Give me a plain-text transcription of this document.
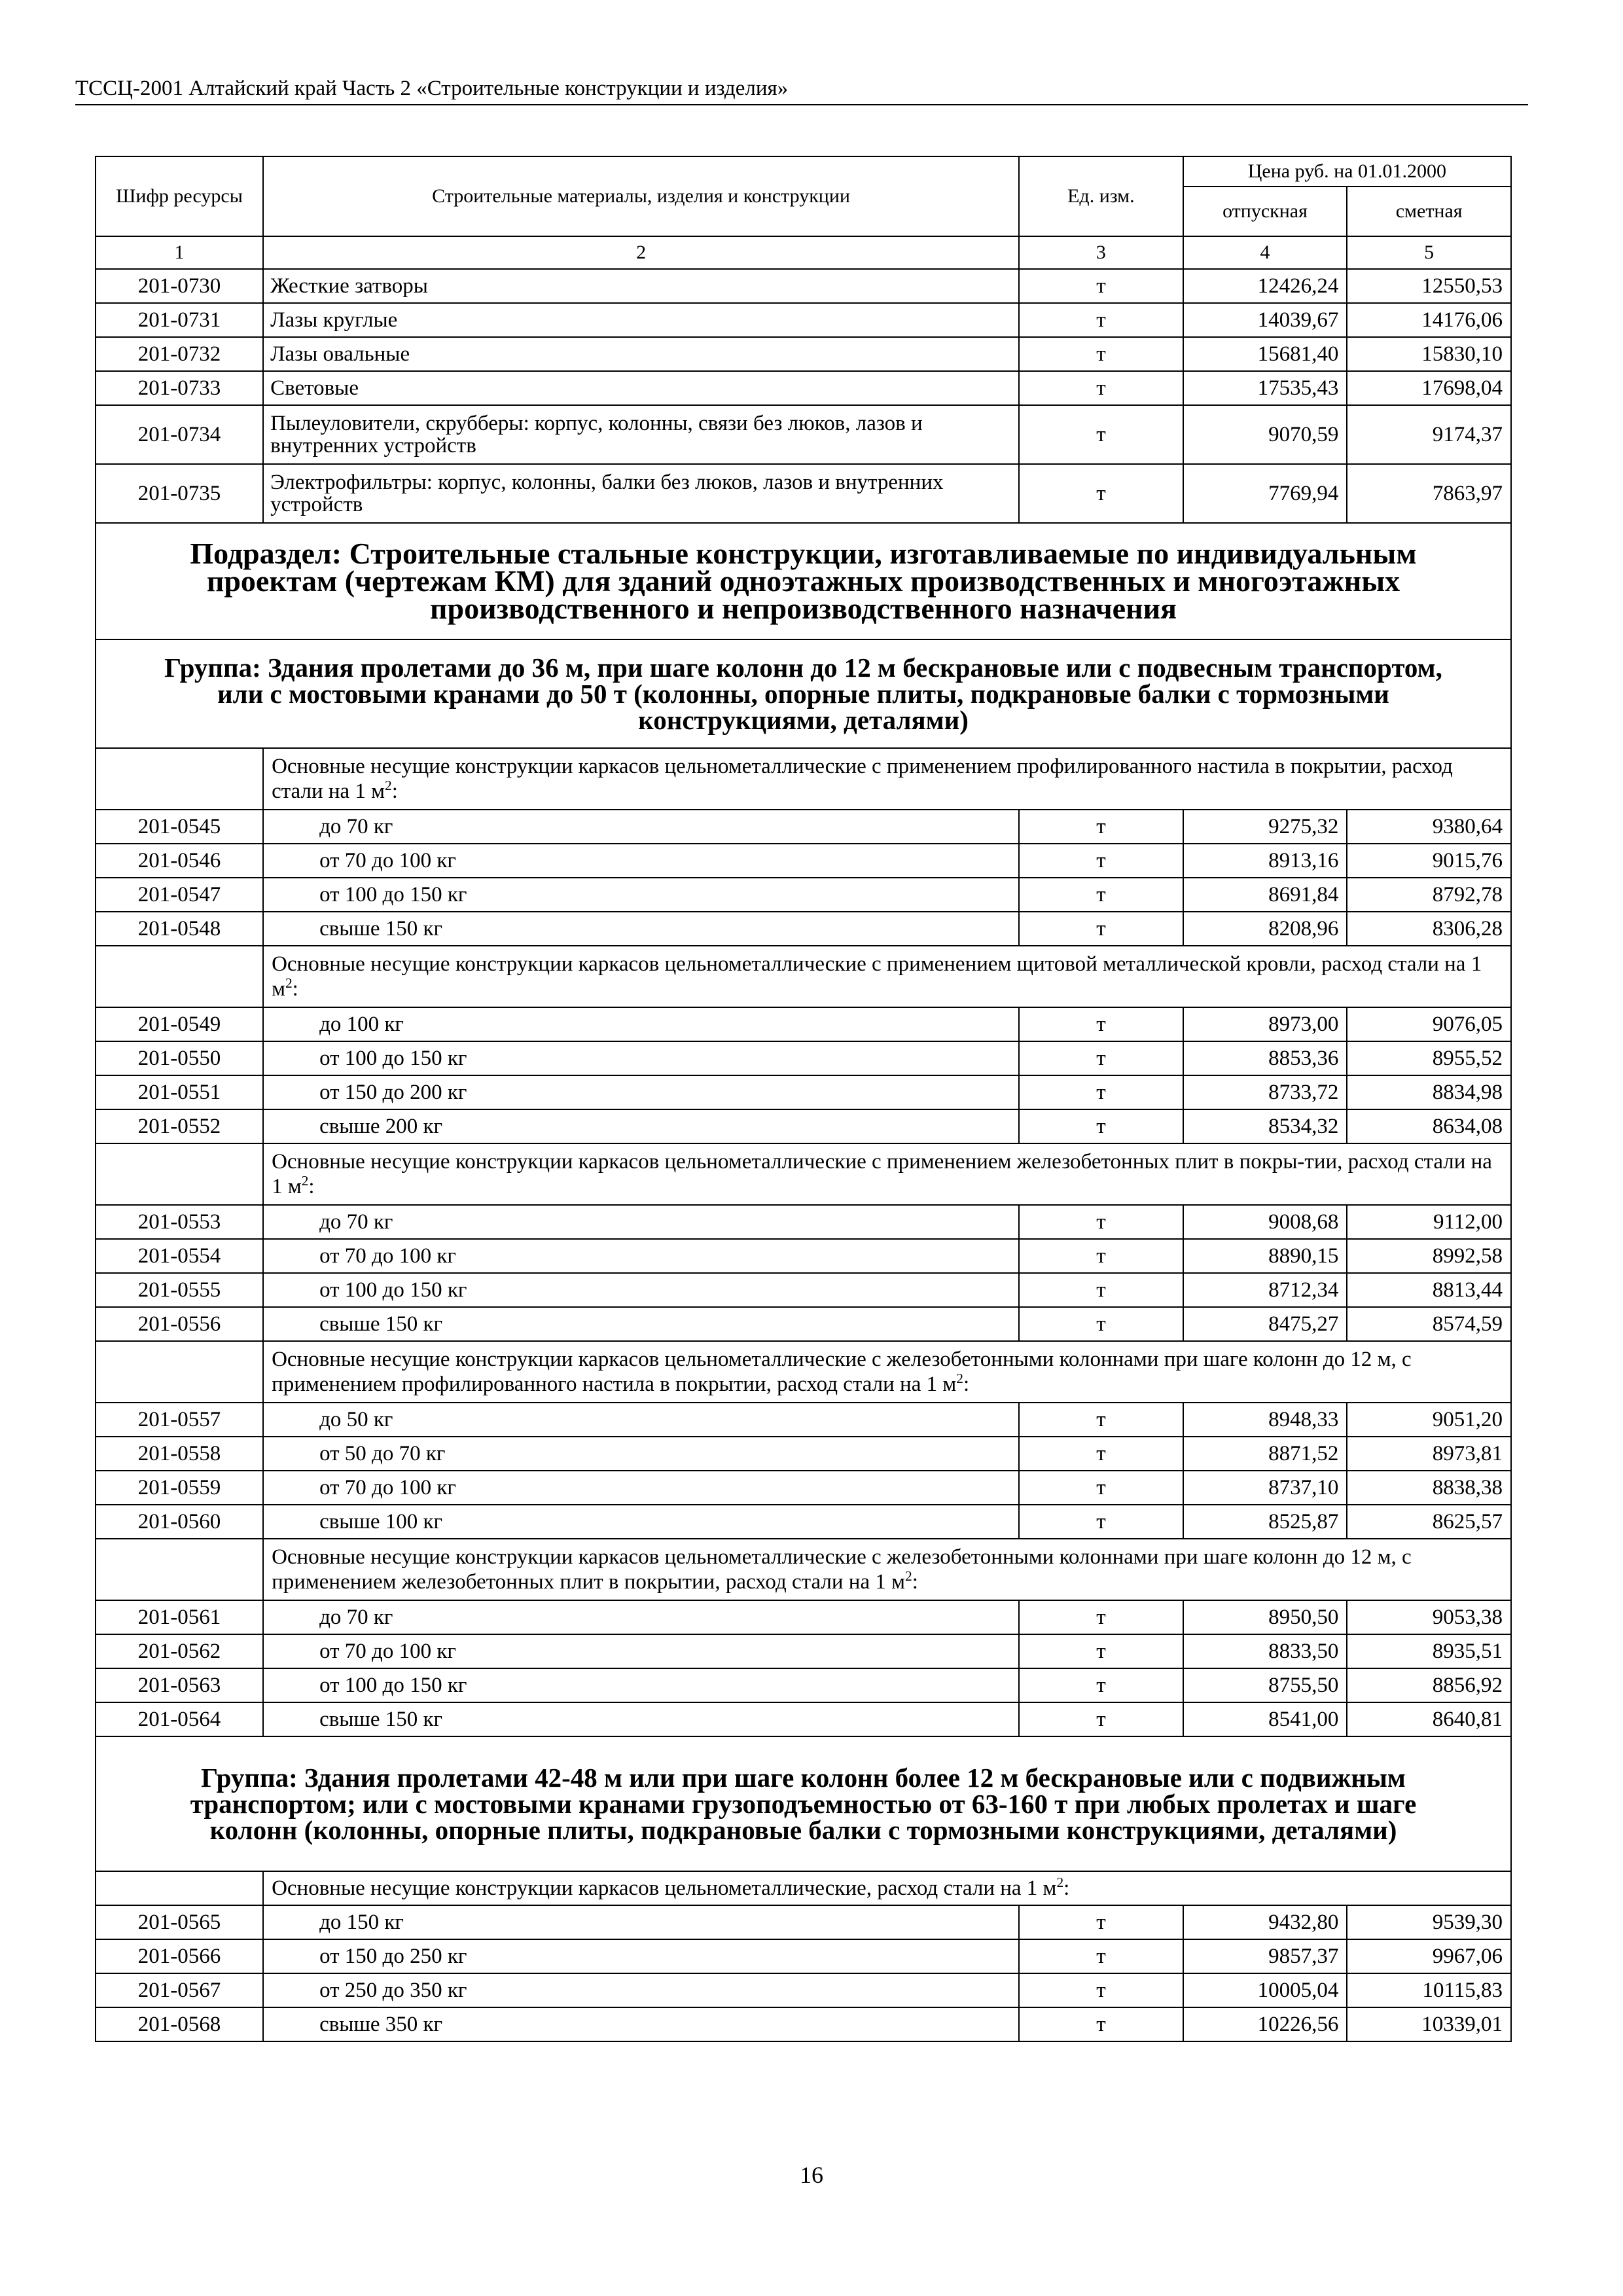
ТССЦ-2001 Алтайский край Часть 2 «Строительные конструкции и изделия»
Шифр ресурсы	Строительные материалы, изделия и конструкции	Ед. изм.	Цена руб. на 01.01.2000	
			отпускная	сметная
1	2	3	4	5
201-0730	Жесткие затворы	т	12426,24	12550,53
201-0731	Лазы круглые	т	14039,67	14176,06
201-0732	Лазы овальные	т	15681,40	15830,10
201-0733	Световые	т	17535,43	17698,04
201-0734	Пылеуловители, скрубберы: корпус, колонны, связи без люков, лазов и внутренних устройств	т	9070,59	9174,37
201-0735	Электрофильтры: корпус, колонны, балки без люков, лазов и внутренних устройств	т	7769,94	7863,97
Подраздел: Строительные стальные конструкции, изготавливаемые по индивидуальным проектам (чертежам КМ) для зданий одноэтажных производственных и многоэтажных производственного и непроизводственного назначения				
Группа: Здания пролетами до 36 м, при шаге колонн до 12 м бескрановые или с подвесным транспортом, или с мостовыми кранами до 50 т (колонны, опорные плиты, подкрановые балки с тормозными конструкциями, деталями)				
	Основные несущие конструкции каркасов цельнометаллические с применением профилированного настила в покрытии, расход стали на 1 $м^2$:			
201-0545	до 70 кг	т	9275,32	9380,64
201-0546	от 70 до 100 кг	т	8913,16	9015,76
201-0547	от 100 до 150 кг	т	8691,84	8792,78
201-0548	свыше 150 кг	т	8208,96	8306,28
	Основные несущие конструкции каркасов цельнометаллические с применением щитовой металлической кровли, расход стали на 1 $м^2$:			
201-0549	до 100 кг	т	8973,00	9076,05
201-0550	от 100 до 150 кг	т	8853,36	8955,52
201-0551	от 150 до 200 кг	т	8733,72	8834,98
201-0552	свыше 200 кг	т	8534,32	8634,08
	Основные несущие конструкции каркасов цельнометаллические с применением железобетонных плит в покры-тии, расход стали на 1 $м^2$:			
201-0553	до 70 кг	т	9008,68	9112,00
201-0554	от 70 до 100 кг	т	8890,15	8992,58
201-0555	от 100 до 150 кг	т	8712,34	8813,44
201-0556	свыше 150 кг	т	8475,27	8574,59
	Основные несущие конструкции каркасов цельнометаллические с железобетонными колоннами при шаге колонн до 12 м, с применением профилированного настила в покрытии, расход стали на 1 $м^2$:			
201-0557	до 50 кг	т	8948,33	9051,20
201-0558	от 50 до 70 кг	т	8871,52	8973,81
201-0559	от 70 до 100 кг	т	8737,10	8838,38
201-0560	свыше 100 кг	т	8525,87	8625,57
	Основные несущие конструкции каркасов цельнометаллические с железобетонными колоннами при шаге колонн до 12 м, с применением железобетонных плит в покрытии, расход стали на 1 $м^2$:			
201-0561	до 70 кг	т	8950,50	9053,38
201-0562	от 70 до 100 кг	т	8833,50	8935,51
201-0563	от 100 до 150 кг	т	8755,50	8856,92
201-0564	свыше 150 кг	т	8541,00	8640,81
Группа: Здания пролетами 42-48 м или при шаге колонн более 12 м бескрановые или с подвижным транспортом; или с мостовыми кранами грузоподъемностью от 63-160 т при любых пролетах и шаге колонн (колонны, опорные плиты, подкрановые балки с тормозными конструкциями, деталями)				
	Основные несущие конструкции каркасов цельнометаллические, расход стали на 1 $м^2$:			
201-0565	до 150 кг	т	9432,80	9539,30
201-0566	от 150 до 250 кг	т	9857,37	9967,06
201-0567	от 250 до 350 кг	т	10005,04	10115,83
201-0568	свыше 350 кг	т	10226,56	10339,01
16
